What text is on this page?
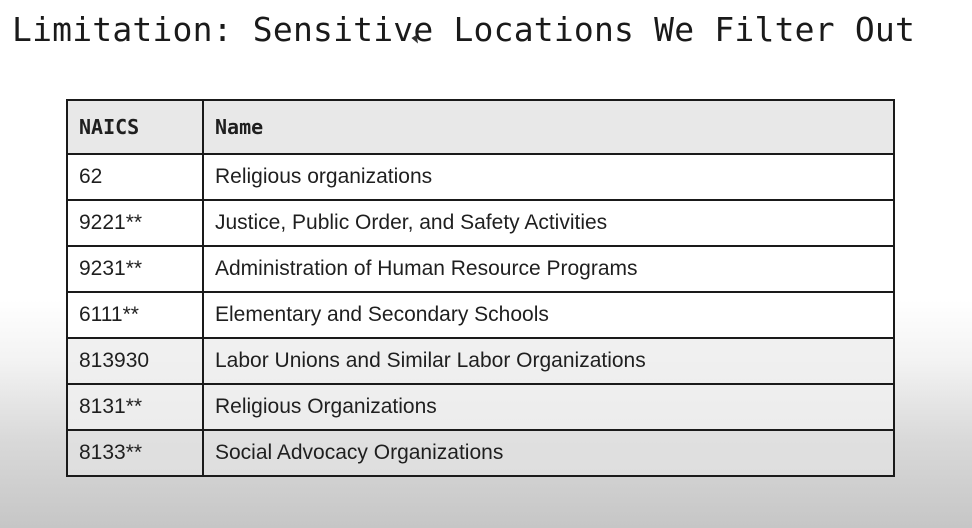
Limitation: Sensitive Locations We Filter Out
NAICS	Name
62	Religious organizations
9221**	Justice, Public Order, and Safety Activities
9231**	Administration of Human Resource Programs
6111**	Elementary and Secondary Schools
813930	Labor Unions and Similar Labor Organizations
8131**	Religious Organizations
8133**	Social Advocacy Organizations
